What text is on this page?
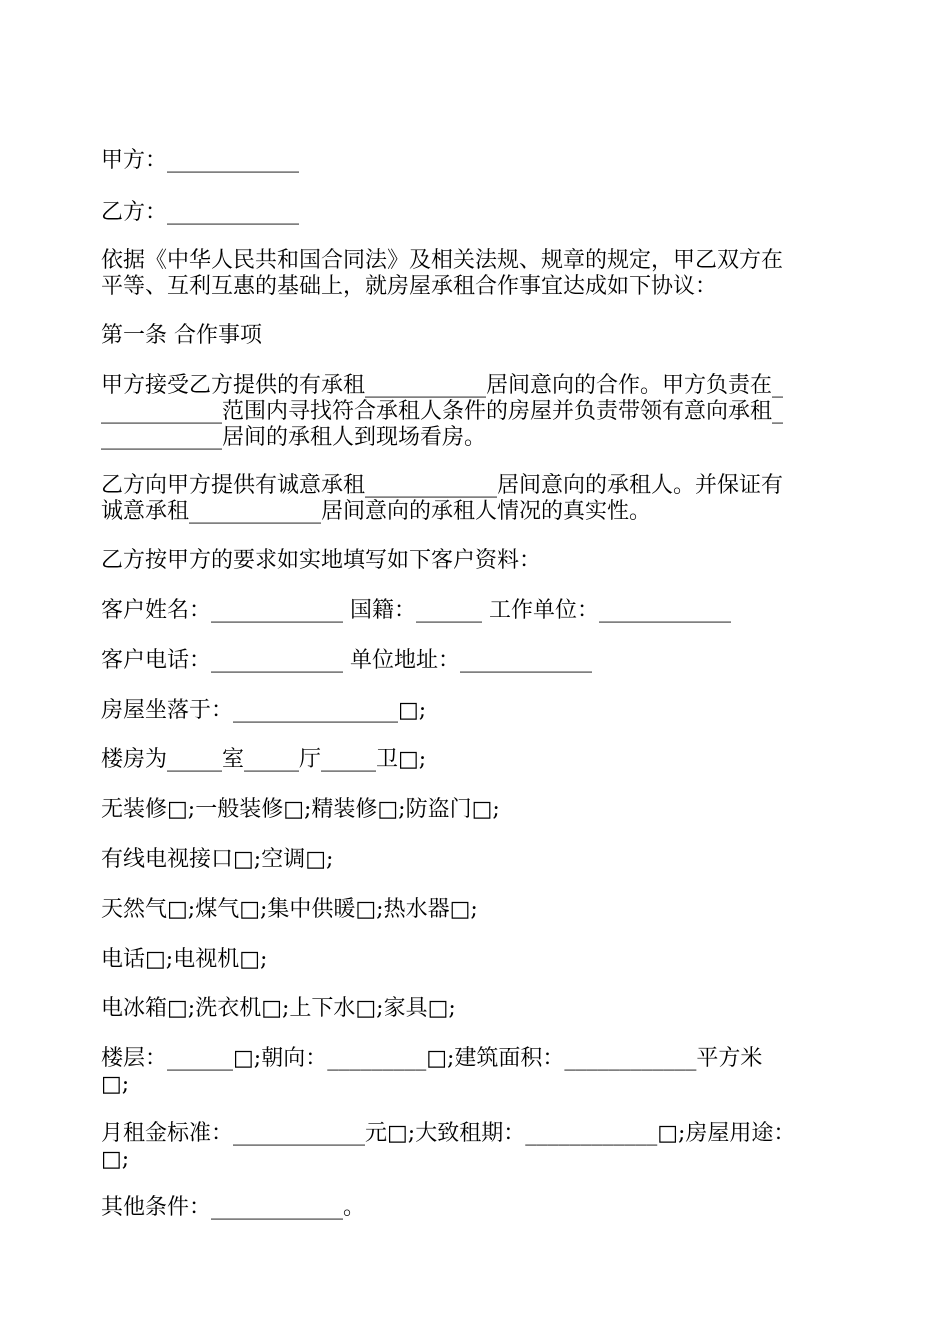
甲方：____________

乙方：____________

依据《中华人民共和国合同法》及相关法规、规章的规定，甲乙双方在
平等、互利互惠的基础上，就房屋承租合作事宜达成如下协议：

第一条 合作事项

甲方接受乙方提供的有承租___________居间意向的合作。甲方负责在_
___________范围内寻找符合承租人条件的房屋并负责带领有意向承租_
___________居间的承租人到现场看房。

乙方向甲方提供有诚意承租____________居间意向的承租人。并保证有
诚意承租____________居间意向的承租人情况的真实性。

乙方按甲方的要求如实地填写如下客户资料：

客户姓名：____________ 国籍：______ 工作单位：____________

客户电话：____________ 单位地址：____________

房屋坐落于：_______________□;

楼房为_____室_____厅_____卫□;

无装修□;一般装修□;精装修□;防盗门□;

有线电视接口□;空调□;

天然气□;煤气□;集中供暖□;热水器□;

电话□;电视机□;

电冰箱□;洗衣机□;上下水□;家具□;

楼层：______□;朝向：_________□;建筑面积：____________平方米
□;

月租金标准：____________元□;大致租期：____________□;房屋用途：
□;

其他条件：____________。
